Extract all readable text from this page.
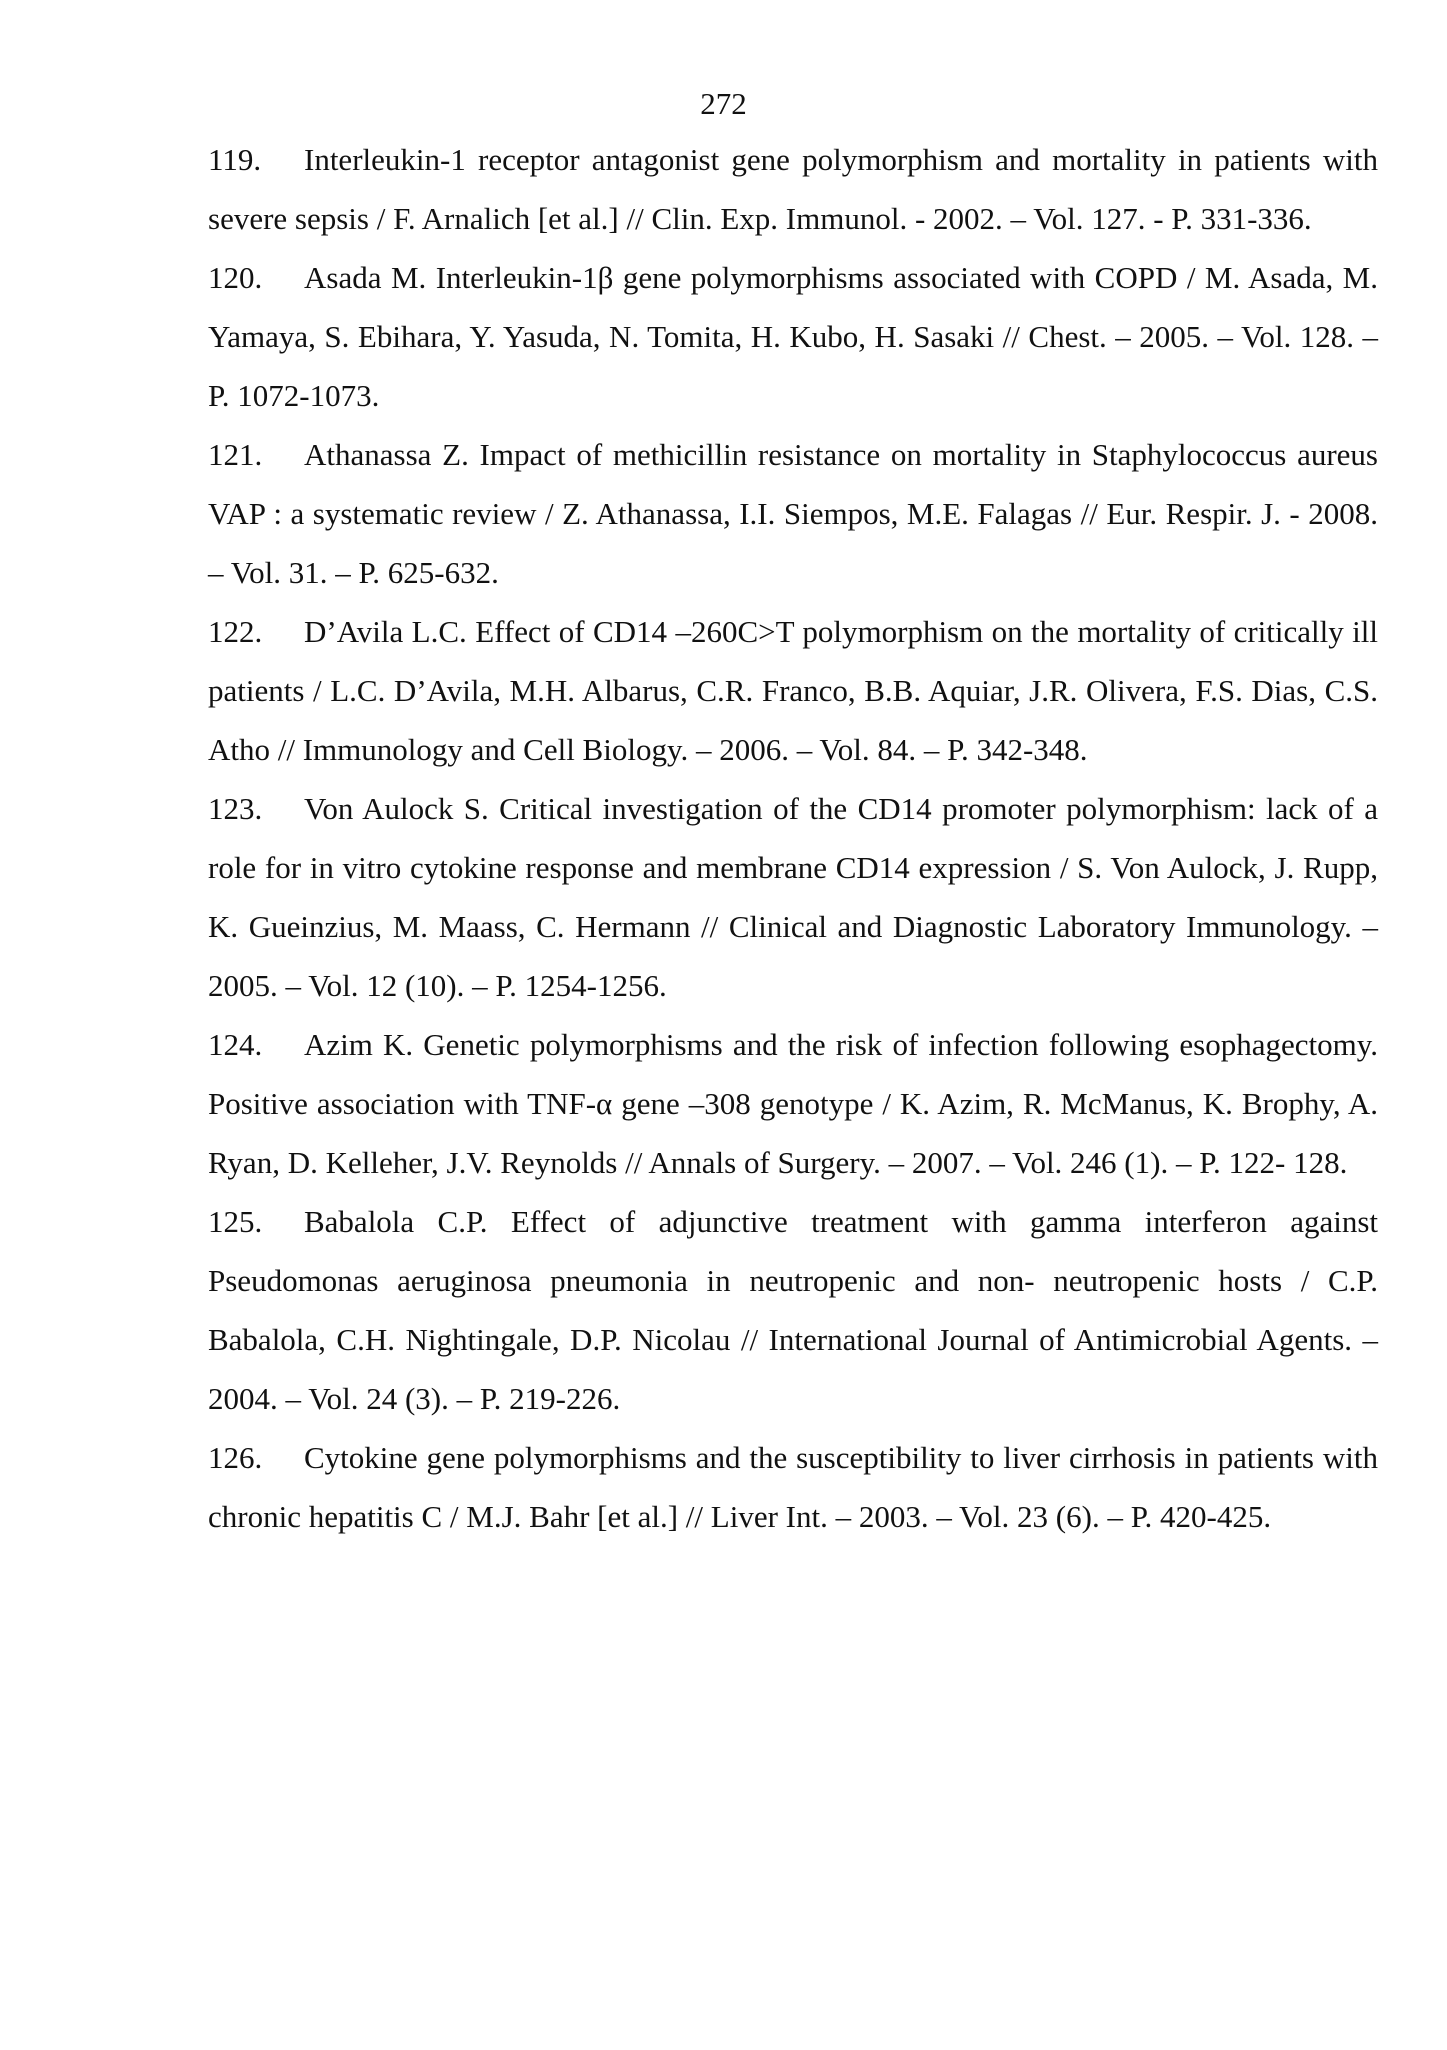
272

119. Interleukin-1 receptor antagonist gene polymorphism and mortality in patients with severe sepsis / F. Arnalich [et al.] // Clin. Exp. Immunol. - 2002. – Vol. 127. - P. 331-336.

120. Asada M. Interleukin-1β gene polymorphisms associated with COPD / M. Asada, M. Yamaya, S. Ebihara, Y. Yasuda, N. Tomita, H. Kubo, H. Sasaki // Chest. – 2005. – Vol. 128. – P. 1072-1073.

121. Athanassa Z. Impact of methicillin resistance on mortality in Staphylococcus aureus VAP : a systematic review / Z. Athanassa, I.I. Siempos, M.E. Falagas // Eur. Respir. J. - 2008. – Vol. 31. – P. 625-632.

122. D’Avila L.C. Effect of CD14 –260C>T polymorphism on the mortality of critically ill patients / L.C. D’Avila, M.H. Albarus, C.R. Franco, B.B. Aquiar, J.R. Olivera, F.S. Dias, C.S. Atho // Immunology and Cell Biology. – 2006. – Vol. 84. – P. 342-348.

123. Von Aulock S. Critical investigation of the CD14 promoter polymorphism: lack of a role for in vitro cytokine response and membrane CD14 expression / S. Von Aulock, J. Rupp, K. Gueinzius, M. Maass, C. Hermann // Clinical and Diagnostic Laboratory Immunology. – 2005. – Vol. 12 (10). – P. 1254-1256.

124. Azim K. Genetic polymorphisms and the risk of infection following esophagectomy. Positive association with TNF-α gene –308 genotype / K. Azim, R. McManus, K. Brophy, A. Ryan, D. Kelleher, J.V. Reynolds // Annals of Surgery. – 2007. – Vol. 246 (1). – P. 122- 128.

125. Babalola C.P. Effect of adjunctive treatment with gamma interferon against Pseudomonas aeruginosa pneumonia in neutropenic and non- neutropenic hosts / C.P. Babalola, C.H. Nightingale, D.P. Nicolau // International Journal of Antimicrobial Agents. – 2004. – Vol. 24 (3). – P. 219-226.

126. Cytokine gene polymorphisms and the susceptibility to liver cirrhosis in patients with chronic hepatitis C / M.J. Bahr [et al.] // Liver Int. – 2003. – Vol. 23 (6). – P. 420-425.
